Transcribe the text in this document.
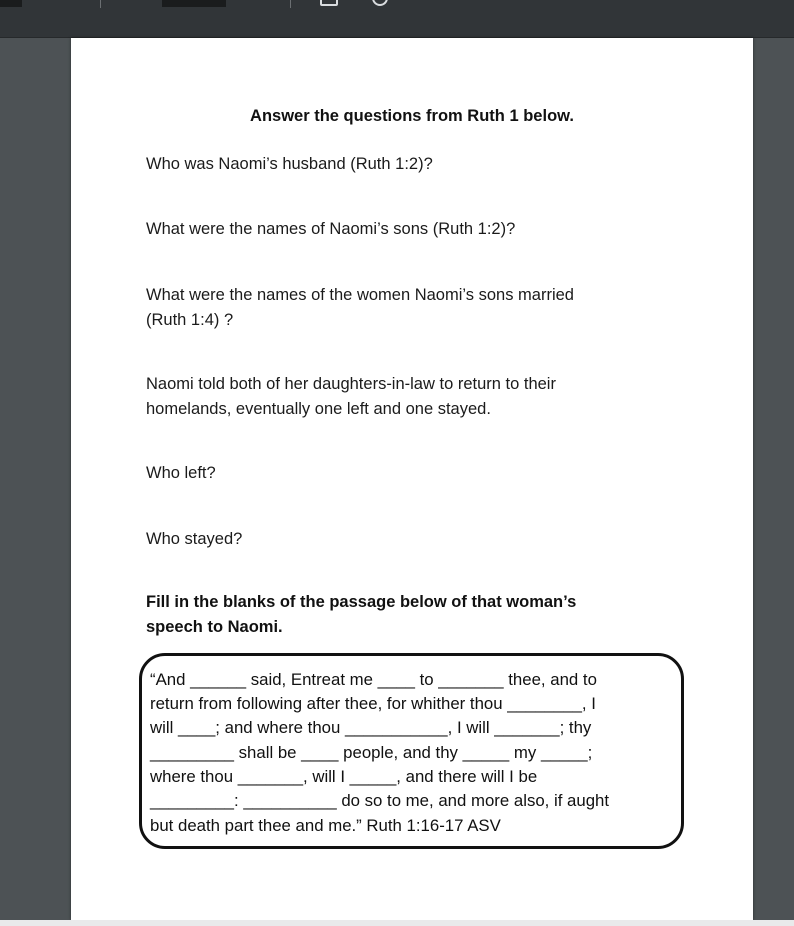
Answer the questions from Ruth 1 below.
Who was Naomi’s husband (Ruth 1:2)?
What were the names of Naomi’s sons (Ruth 1:2)?
What were the names of the women Naomi’s sons married
(Ruth 1:4) ?
Naomi told both of her daughters-in-law to return to their
homelands, eventually one left and one stayed.
Who left?
Who stayed?
Fill in the blanks of the passage below of that woman’s
speech to Naomi.
“And ______ said, Entreat me ____ to _______ thee, and to
return from following after thee, for whither thou ________, I
will ____; and where thou ___________, I will _______; thy
_________ shall be ____ people, and thy _____ my _____;
where thou _______, will I _____, and there will I be
_________: __________ do so to me, and more also, if aught
but death part thee and me.” Ruth 1:16-17 ASV
